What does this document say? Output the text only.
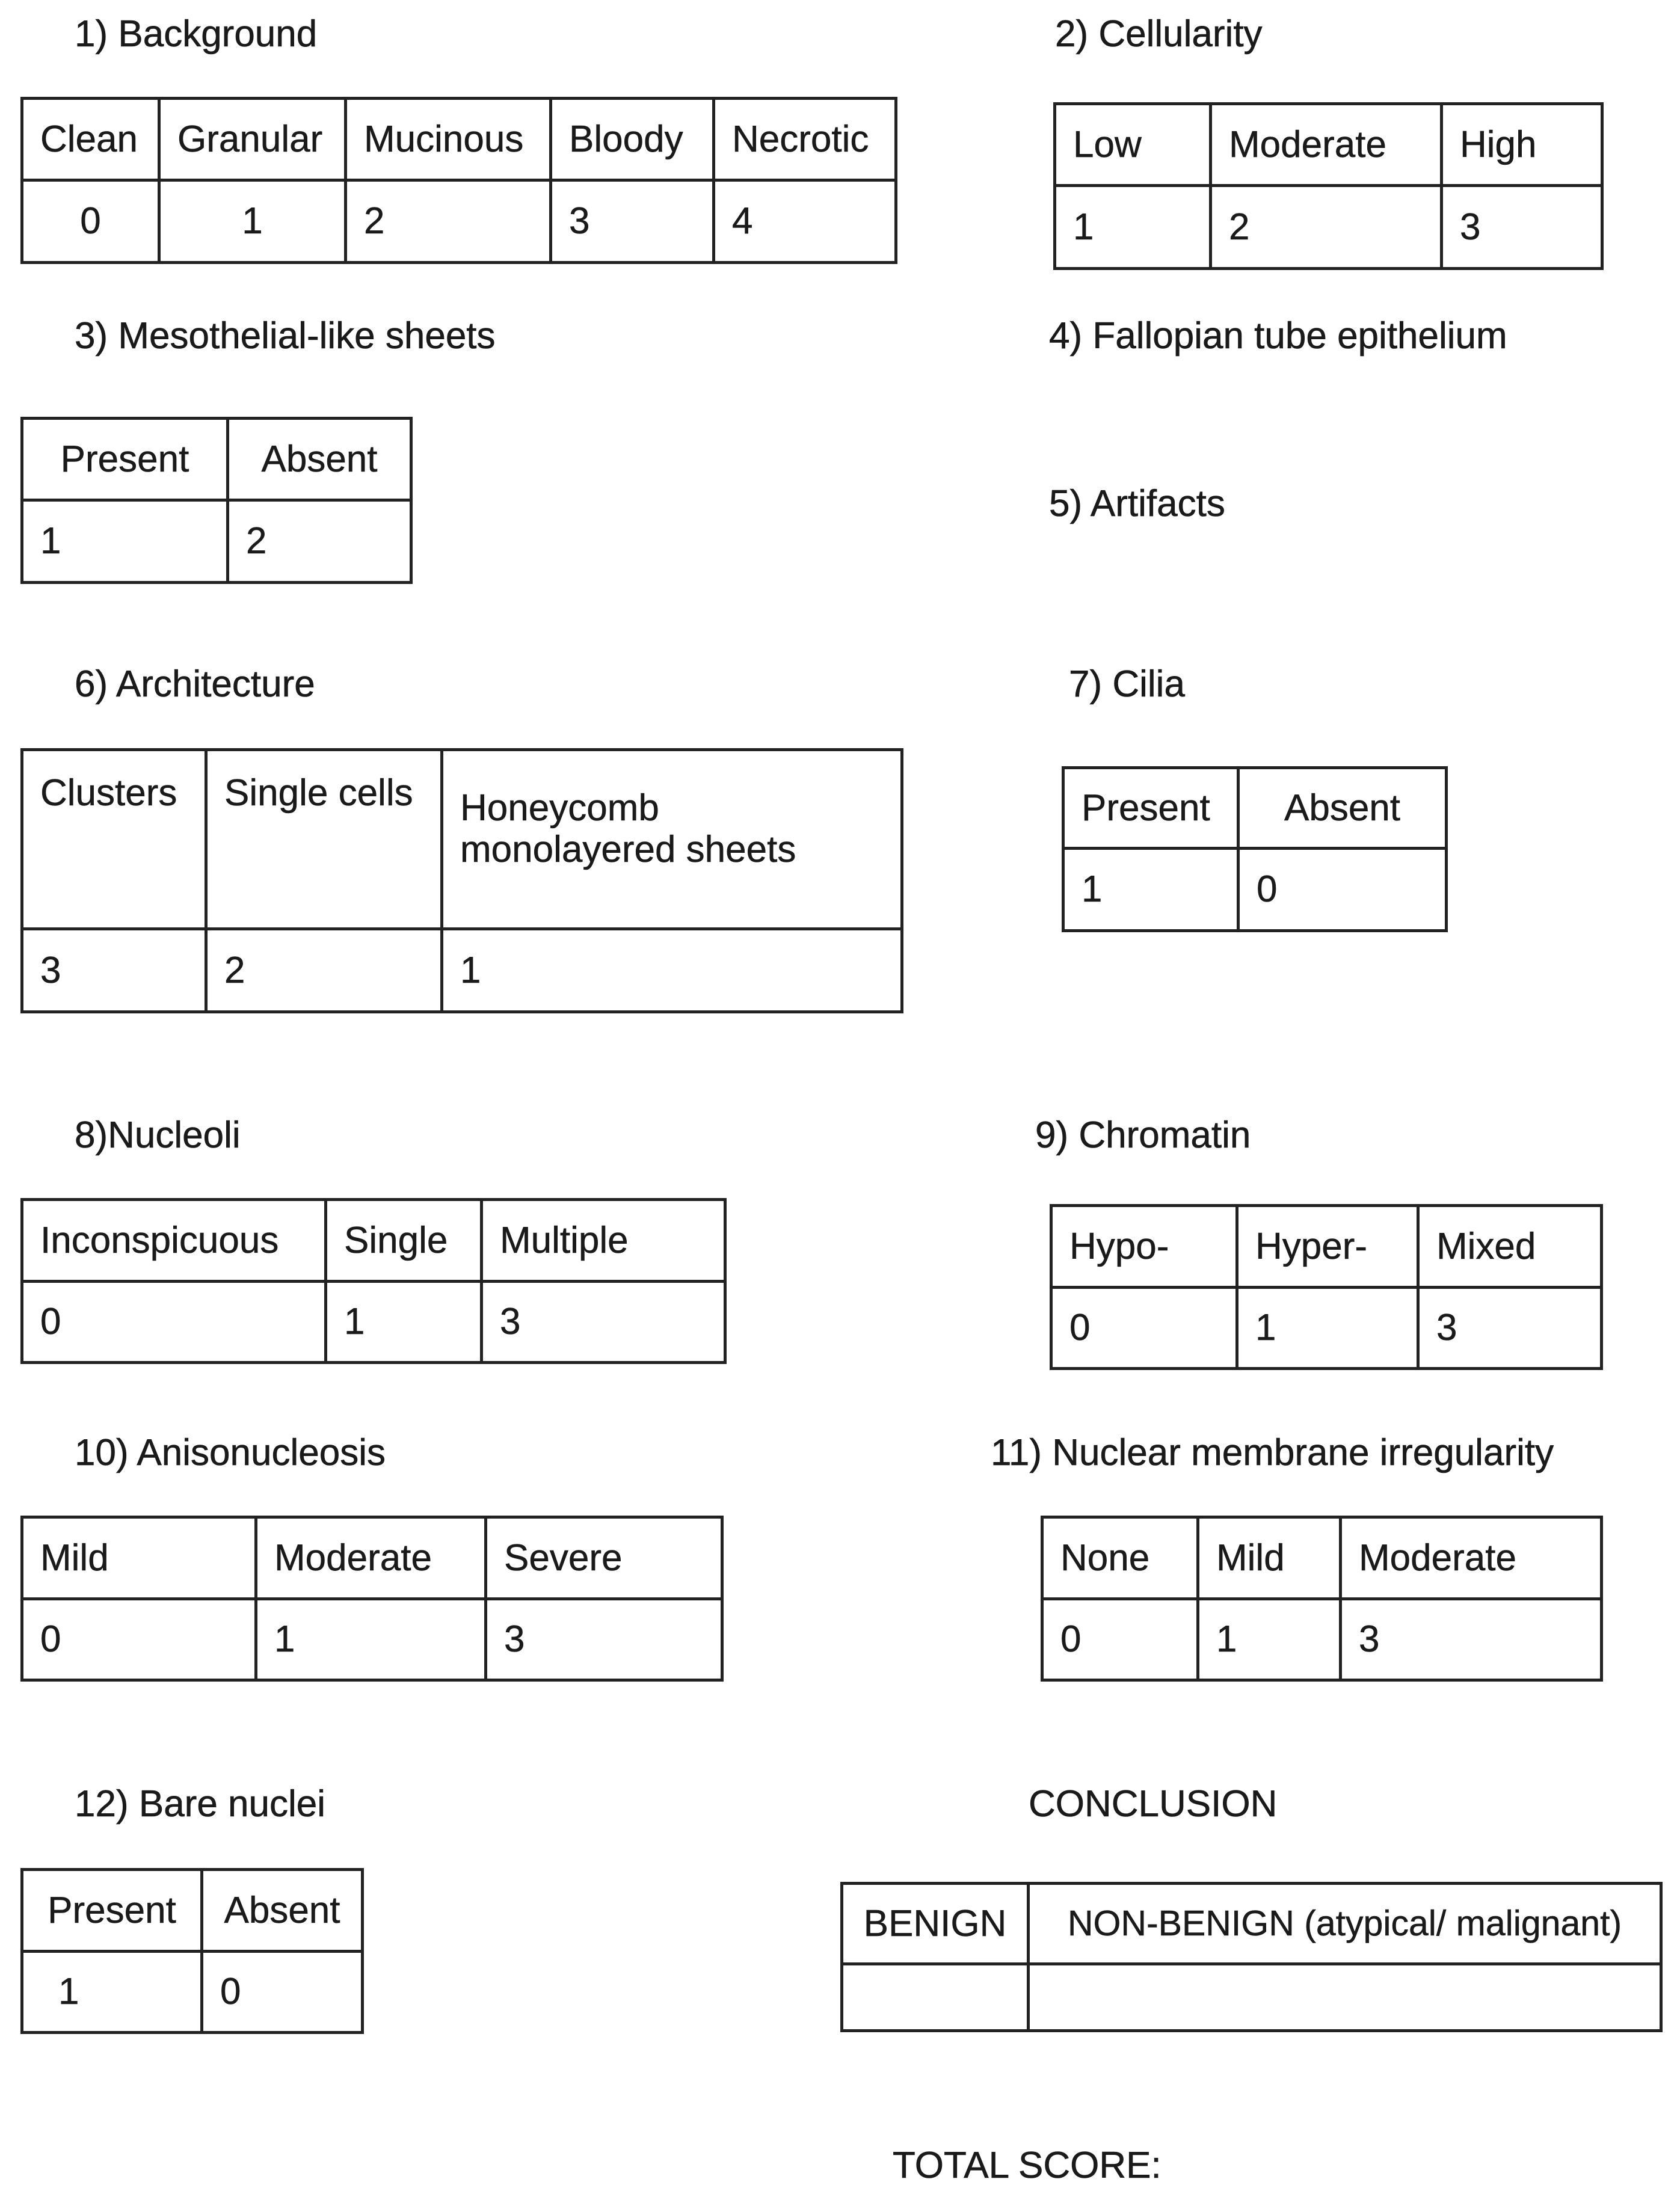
1) Background
Clean	Granular	Mucinous	Bloody	Necrotic
0	1	2	3	4
2) Cellularity
Low	Moderate	High
1	2	3
3) Mesothelial-like sheets
Present	Absent
1	2
4) Fallopian tube epithelium
5) Artifacts
6) Architecture
Clusters	Single cells	Honeycomb monolayered sheets
3	2	1
7) Cilia
Present	Absent
1	0
8)Nucleoli
Inconspicuous	Single	Multiple
0	1	3
9) Chromatin
Hypo-	Hyper-	Mixed
0	1	3
10) Anisonucleosis
Mild	Moderate	Severe
0	1	3
11) Nuclear membrane irregularity
None	Mild	Moderate
0	1	3
12) Bare nuclei
Present	Absent
1	0
CONCLUSION
BENIGN	NON-BENIGN (atypical/ malignant)

TOTAL SCORE:
